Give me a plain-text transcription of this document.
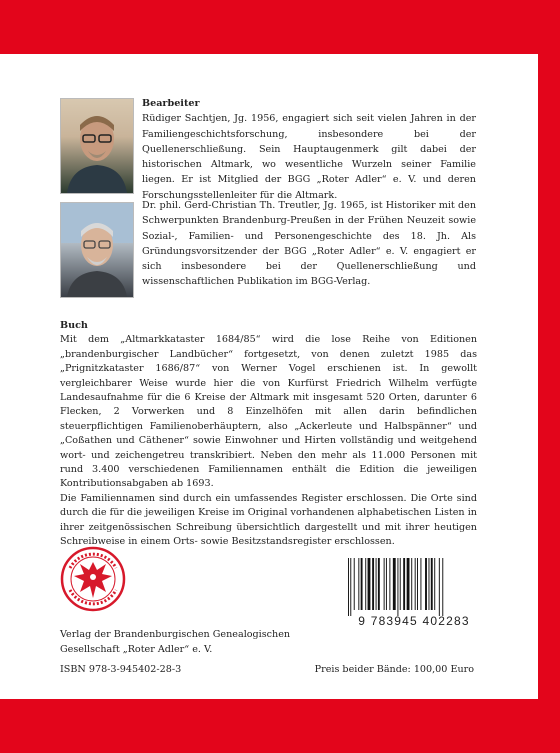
Bearbeiter
Rüdiger Sachtjen, Jg. 1956, engagiert sich seit vielen Jahren in der Familiengeschichtsforschung, insbesondere bei der Quellenerschließung. Sein Hauptaugenmerk gilt dabei der historischen Altmark, wo wesentliche Wurzeln seiner Familie liegen. Er ist Mitglied der BGG „Roter Adler“ e. V. und deren Forschungsstellenleiter für die Altmark.
Dr. phil. Gerd-Christian Th. Treutler, Jg. 1965, ist Historiker mit den Schwerpunkten Brandenburg-Preußen in der Frühen Neuzeit sowie Sozial-, Familien- und Personengeschichte des 18. Jh. Als Gründungsvorsitzender der BGG „Roter Adler“ e. V. engagiert er sich insbesondere bei der Quellenerschließung und wissenschaftlichen Publikation im BGG-Verlag.
Buch

Mit dem „Altmarkkataster 1684/85“ wird die lose Reihe von Editionen „brandenburgischer Landbücher“ fortgesetzt, von denen zuletzt 1985 das „Prignitzkataster 1686/87“ von Werner Vogel erschienen ist. In gewollt vergleichbarer Weise wurde hier die von Kurfürst Friedrich Wilhelm verfügte Landesaufnahme für die 6 Kreise der Altmark mit insgesamt 520 Orten, darunter 6 Flecken, 2 Vorwerken und 8 Einzelhöfen mit allen darin befindlichen steuerpflichtigen Familienoberhäuptern, also „Ackerleute und Halbspänner“ und „Coßathen und Cäthener“ sowie Einwohner und Hirten vollständig und weitgehend wort- und zeichengetreu transkribiert. Neben den mehr als 11.000 Personen mit rund 3.400 verschiedenen Familiennamen enthält die Edition die jeweiligen Kontributionsabgaben ab 1693.

Die Familiennamen sind durch ein umfassendes Register erschlossen. Die Orte sind durch die für die jeweiligen Kreise im Original vorhandenen alphabetischen Listen in ihrer zeitgenössischen Schreibung übersichtlich dargestellt und mit ihrer heutigen Schreibweise in einem Orts- sowie Besitzstandsregister erschlossen.

9 783945 402283
Verlag der Brandenburgischen Genealogischen
Gesellschaft „Roter Adler“ e. V.
ISBN 978-3-945402-28-3	Preis beider Bände: 100,00 Euro
